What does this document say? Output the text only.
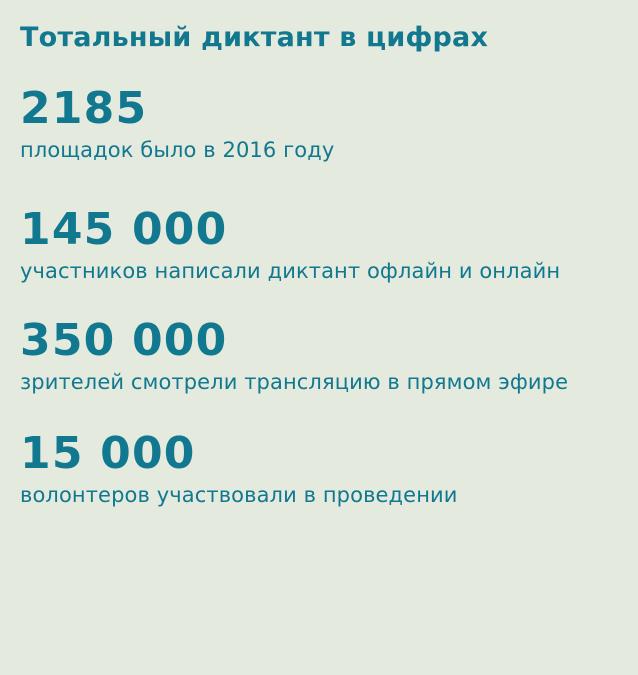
Тотальный диктант в цифрах
2185
площадок было в 2016 году
145 000
участников написали диктант офлайн и онлайн
350 000
зрителей смотрели трансляцию в прямом эфире
15 000
волонтеров участвовали в проведении
